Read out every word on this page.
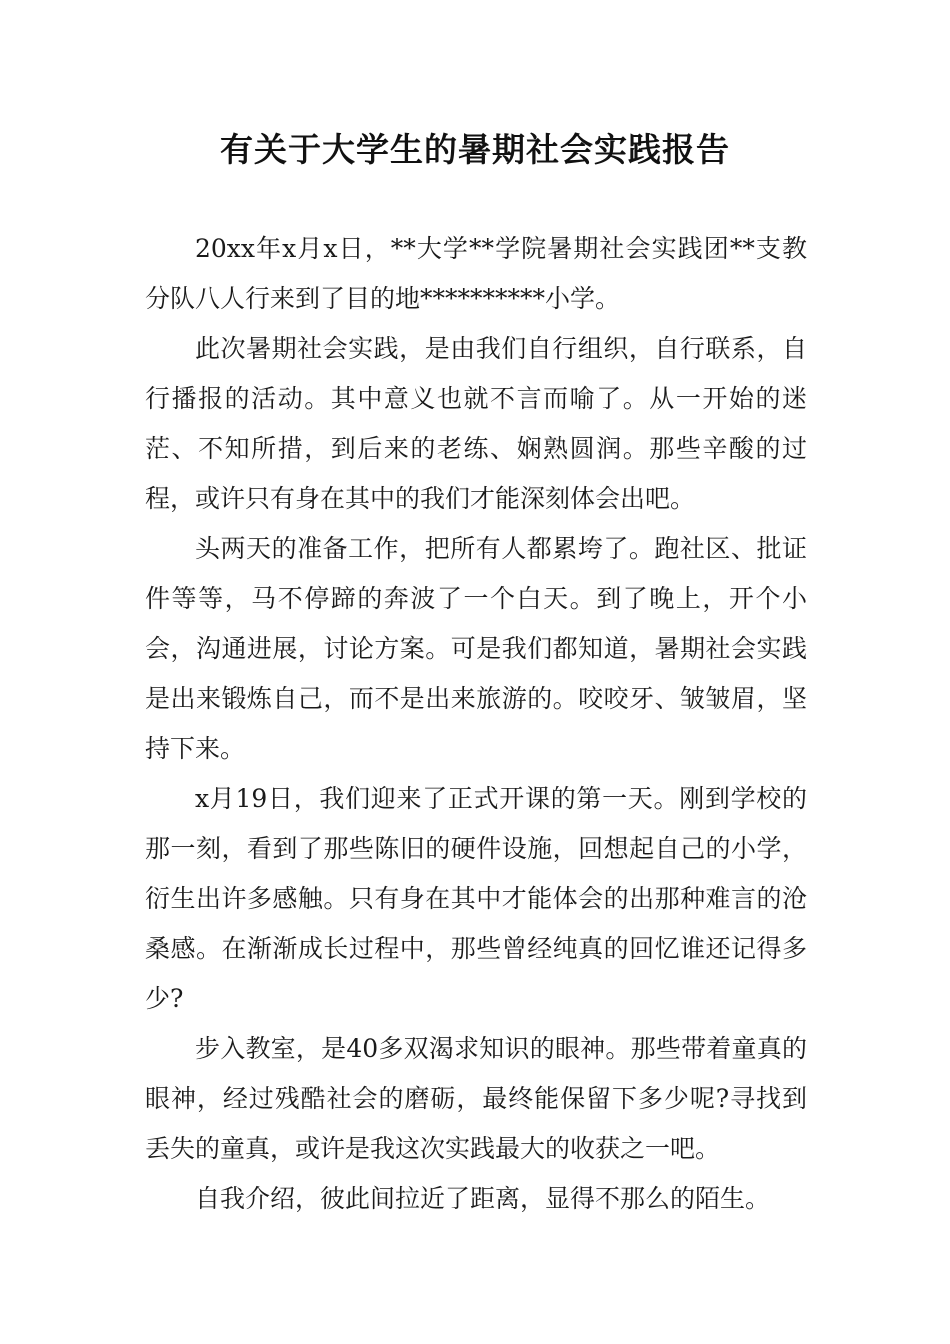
有关于大学生的暑期社会实践报告

20xx年x月x日，**大学**学院暑期社会实践团**支教分队八人行来到了目的地**********小学。

此次暑期社会实践，是由我们自行组织，自行联系，自行播报的活动。其中意义也就不言而喻了。从一开始的迷茫、不知所措，到后来的老练、娴熟圆润。那些辛酸的过程，或许只有身在其中的我们才能深刻体会出吧。

头两天的准备工作，把所有人都累垮了。跑社区、批证件等等，马不停蹄的奔波了一个白天。到了晚上，开个小会，沟通进展，讨论方案。可是我们都知道，暑期社会实践是出来锻炼自己，而不是出来旅游的。咬咬牙、皱皱眉，坚持下来。

x月19日，我们迎来了正式开课的第一天。刚到学校的那一刻，看到了那些陈旧的硬件设施，回想起自己的小学，衍生出许多感触。只有身在其中才能体会的出那种难言的沧桑感。在渐渐成长过程中，那些曾经纯真的回忆谁还记得多少?

步入教室，是40多双渴求知识的眼神。那些带着童真的眼神，经过残酷社会的磨砺，最终能保留下多少呢?寻找到丢失的童真，或许是我这次实践最大的收获之一吧。

自我介绍，彼此间拉近了距离，显得不那么的陌生。
